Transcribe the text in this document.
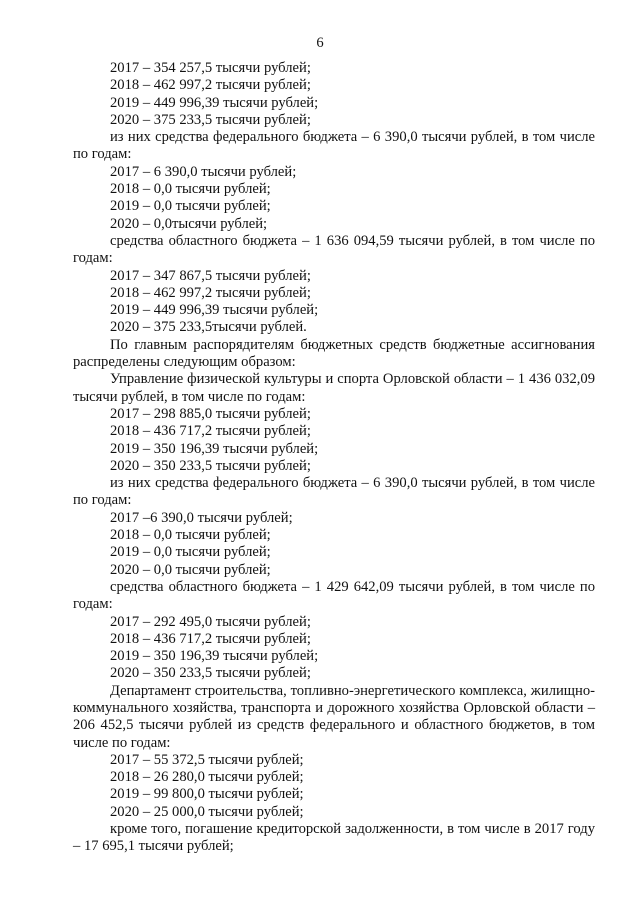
6
2017 – 354 257,5 тысячи рублей;
2018 – 462 997,2 тысячи рублей;
2019 – 449 996,39 тысячи рублей;
2020 – 375 233,5 тысячи рублей;

из них средства федерального бюджета – 6 390,0 тысячи рублей, в том числе по годам:

2017 – 6 390,0 тысячи рублей;
2018 – 0,0 тысячи рублей;
2019 – 0,0 тысячи рублей;
2020 – 0,0тысячи рублей;

средства областного бюджета – 1 636 094,59 тысячи рублей, в том числе по годам:

2017 – 347 867,5 тысячи рублей;
2018 – 462 997,2 тысячи рублей;
2019 – 449 996,39 тысячи рублей;
2020 – 375 233,5тысячи рублей.

По главным распорядителям бюджетных средств бюджетные ассигнования распределены следующим образом:

Управление физической культуры и спорта Орловской области – 1 436 032,09 тысячи рублей, в том числе по годам:

2017 – 298 885,0 тысячи рублей;
2018 – 436 717,2 тысячи рублей;
2019 – 350 196,39 тысячи рублей;
2020 – 350 233,5 тысячи рублей;

из них средства федерального бюджета – 6 390,0 тысячи рублей, в том числе по годам:

2017 –6 390,0 тысячи рублей;
2018 – 0,0 тысячи рублей;
2019 – 0,0 тысячи рублей;
2020 – 0,0 тысячи рублей;

средства областного бюджета – 1 429 642,09 тысячи рублей, в том числе по годам:

2017 – 292 495,0 тысячи рублей;
2018 – 436 717,2 тысячи рублей;
2019 – 350 196,39 тысячи рублей;
2020 – 350 233,5 тысячи рублей;

Департамент строительства, топливно-энергетического комплекса, жилищно-коммунального хозяйства, транспорта и дорожного хозяйства Орловской области – 206 452,5 тысячи рублей из средств федерального и областного бюджетов, в том числе по годам:

2017 – 55 372,5 тысячи рублей;
2018 – 26 280,0 тысячи рублей;
2019 – 99 800,0 тысячи рублей;
2020 – 25 000,0 тысячи рублей;

кроме того, погашение кредиторской задолженности, в том числе в 2017 году – 17 695,1 тысячи рублей;
